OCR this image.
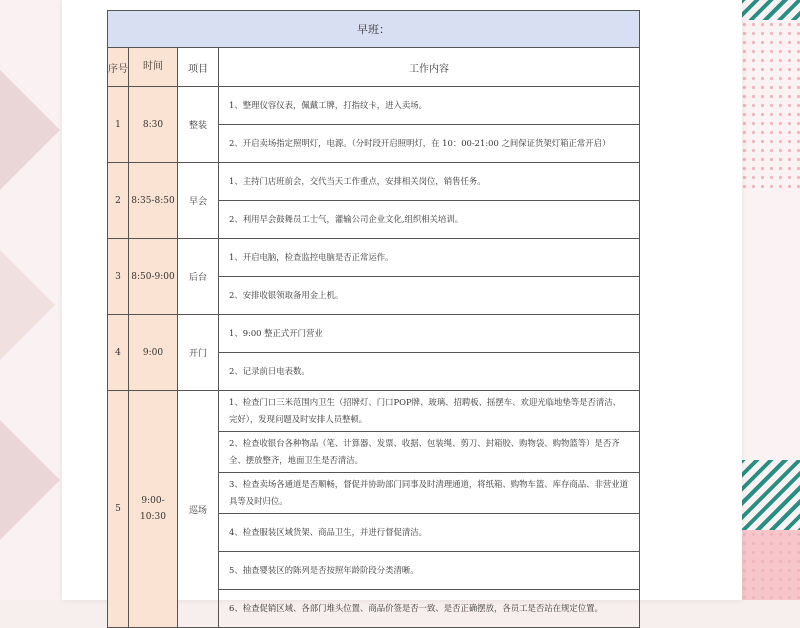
早班：			
序号	时间	项目	工作内容
1	8:30	整装	1、整理仪容仪表，佩戴工牌，打指纹卡，进入卖场。
			2、开启卖场指定照明灯，电源。（分时段开启照明灯，在 10：00-21:00 之间保证货架灯箱正常开启）
2	8:35-8:50	早会	1、主持门店班前会，交代当天工作重点，安排相关岗位，销售任务。
			2、利用早会鼓舞员工士气，灌输公司企业文化,组织相关培训。
3	8:50-9:00	后台	1、开启电脑，检查监控电脑是否正常运作。
			2、安排收银领取备用金上机。
4	9:00	开门	1、9:00 整正式开门营业
			2、记录前日电表数。
5	9:00-10:30	巡场	1、检查门口三米范围内卫生（招牌灯、门口POP牌、玻璃、招聘板、摇摆车、欢迎光临地垫等是否清洁、完好），发现问题及时安排人员整顿。
			2、检查收银台各种物品（笔、计算器、发票、收据、包装绳、剪刀、封箱胶、购物袋、购物篮等）是否齐全、摆放整齐，地面卫生是否清洁。
			3、检查卖场各通道是否顺畅，督促并协助部门同事及时清理通道，将纸箱、购物车篮、库存商品、非营业道具等及时归位。
			4、检查服装区域货架、商品卫生，并进行督促清洁。
			5、抽查婴装区的陈列是否按照年龄阶段分类清晰。
			6、检查促销区域、各部门堆头位置、商品价签是否一致、是否正确摆放，各员工是否站在规定位置。
